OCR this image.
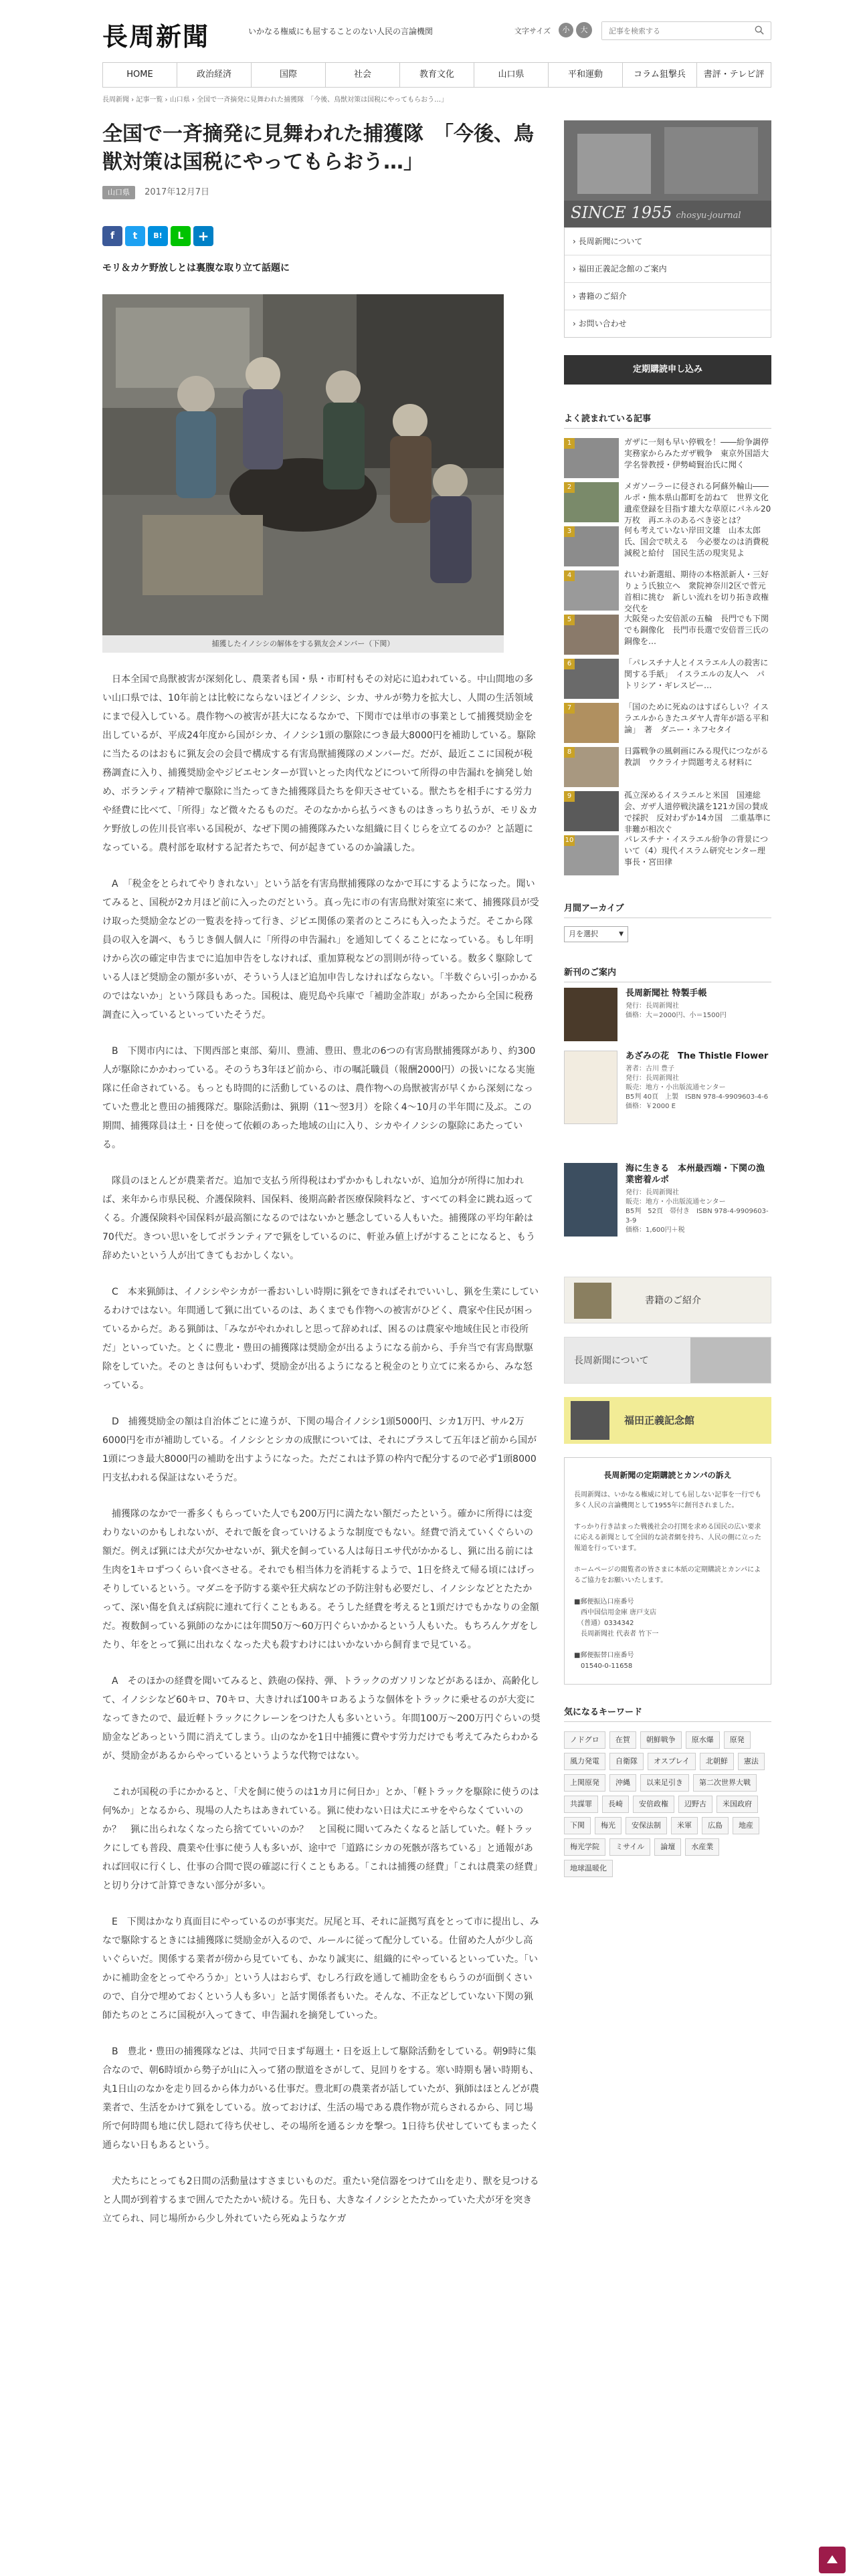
長周新聞	いかなる権威にも屈することのない人民の言論機関	文字サイズ	小	大
記事を検索する
HOME	政治経済	国際	社会	教育文化	山口県	平和運動	コラム狙撃兵	書評・テレビ評
長周新聞 › 記事一覧 › 山口県 › 全国で一斉摘発に見舞われた捕獲隊　「今後、鳥獣対策は国税にやってもらおう…」
全国で一斉摘発に見舞われた捕獲隊　「今後、鳥獣対策は国税にやってもらおう…」
山口県 2017年12月7日
f	t	B!	L	+
モリ＆カケ野放しとは裏腹な取り立て話題に
捕獲したイノシシの解体をする猟友会メンバー（下関）

日本全国で鳥獣被害が深刻化し、農業者も国・県・市町村もその対応に追われている。中山間地の多い山口県では、10年前とは比較にならないほどイノシシ、シカ、サルが勢力を拡大し、人間の生活領域にまで侵入している。農作物への被害が甚大になるなかで、下関市では単市の事業として捕獲奨励金を出しているが、平成24年度から国がシカ、イノシシ1頭の駆除につき最大8000円を補助している。駆除に当たるのはおもに猟友会の会員で構成する有害鳥獣捕獲隊のメンバーだ。だが、最近ここに国税が税務調査に入り、捕獲奨励金やジビエセンターが買いとった肉代などについて所得の申告漏れを摘発し始め、ボランティア精神で駆除に当たってきた捕獲隊員たちを仰天させている。獣たちを相手にする労力や経費に比べて、「所得」など微々たるものだ。そのなかから払うべきものはきっちり払うが、モリ＆カケ野放しの佐川長官率いる国税が、なぜ下関の捕獲隊みたいな組織に目くじらを立てるのか？と話題になっている。農村部を取材する記者たちで、何が起きているのか論議した。

A　「税金をとられてやりきれない」という話を有害鳥獣捕獲隊のなかで耳にするようになった。聞いてみると、国税が2カ月ほど前に入ったのだという。真っ先に市の有害鳥獣対策室に来て、捕獲隊員が受け取った奨励金などの一覧表を持って行き、ジビエ関係の業者のところにも入ったようだ。そこから隊員の収入を調べ、もうじき個人個人に「所得の申告漏れ」を通知してくることになっている。もし年明けから次の確定申告までに追加申告をしなければ、重加算税などの罰則が待っている。数多く駆除している人ほど奨励金の額が多いが、そういう人ほど追加申告しなければならない。「半数ぐらい引っかかるのではないか」という隊員もあった。国税は、鹿児島や兵庫で「補助金詐取」があったから全国に税務調査に入っているといっていたそうだ。

B　下関市内には、下関西部と東部、菊川、豊浦、豊田、豊北の6つの有害鳥獣捕獲隊があり、約300人が駆除にかかわっている。そのうち3年ほど前から、市の嘱託職員（報酬2000円）の扱いになる実施隊に任命されている。もっとも時間的に活動しているのは、農作物への鳥獣被害が早くから深刻になっていた豊北と豊田の捕獲隊だ。駆除活動は、猟期（11～翌3月）を除く4～10月の半年間に及ぶ。この期間、捕獲隊員は土・日を使って依頼のあった地域の山に入り、シカやイノシシの駆除にあたっている。

隊員のほとんどが農業者だ。追加で支払う所得税はわずかかもしれないが、追加分が所得に加われば、来年から市県民税、介護保険料、国保料、後期高齢者医療保険料など、すべての料金に跳ね返ってくる。介護保険料や国保料が最高額になるのではないかと懸念している人もいた。捕獲隊の平均年齢は70代だ。きつい思いをしてボランティアで猟をしているのに、軒並み値上げがすることになると、もう辞めたいという人が出てきてもおかしくない。

C　本来猟師は、イノシシやシカが一番おいしい時期に猟をできればそれでいいし、猟を生業にしているわけではない。年間通して猟に出ているのは、あくまでも作物への被害がひどく、農家や住民が困っているからだ。ある猟師は、「みながやれかれしと思って辞めれば、困るのは農家や地域住民と市役所だ」といっていた。とくに豊北・豊田の捕獲隊は奨励金が出るようになる前から、手弁当で有害鳥獣駆除をしていた。そのときは何もいわず、奨励金が出るようになると税金のとり立てに来るから、みな怒っている。

D　捕獲奨励金の額は自治体ごとに違うが、下関の場合イノシシ1頭5000円、シカ1万円、サル2万6000円を市が補助している。イノシシとシカの成獣については、それにプラスして五年ほど前から国が1頭につき最大8000円の補助を出すようになった。ただこれは予算の枠内で配分するので必ず1頭8000円支払われる保証はないそうだ。

捕獲隊のなかで一番多くもらっていた人でも200万円に満たない額だったという。確かに所得には変わりないのかもしれないが、それで飯を食っていけるような制度でもない。経費で消えていくぐらいの額だ。例えば猟には犬が欠かせないが、猟犬を飼っている人は毎日エサ代がかかるし、猟に出る前には生肉を1キロずつくらい食べさせる。それでも相当体力を消耗するようで、1日を終えて帰る頃にはげっそりしているという。マダニを予防する薬や狂犬病などの予防注射も必要だし、イノシシなどとたたかって、深い傷を負えば病院に連れて行くこともある。そうした経費を考えると1頭だけでもかなりの金額だ。複数飼っている猟師のなかには年間50万～60万円ぐらいかかるという人もいた。もちろんケガをしたり、年をとって猟に出れなくなった犬も殺すわけにはいかないから飼育まで見ている。

A　そのほかの経費を聞いてみると、鉄砲の保持、弾、トラックのガソリンなどがあるほか、高齢化して、イノシシなど60キロ、70キロ、大きければ100キロあるような個体をトラックに乗せるのが大変になってきたので、最近軽トラックにクレーンをつけた人も多いという。年間100万～200万円ぐらいの奨励金などあっという間に消えてしまう。山のなかを1日中捕獲に費やす労力だけでも考えてみたらわかるが、奨励金があるからやっているというような代物ではない。

これが国税の手にかかると、「犬を飼に使うのは1カ月に何日か」とか、「軽トラックを駆除に使うのは何%か」となるから、現場の人たちはあきれている。猟に使わない日は犬にエサをやらなくていいのか？　猟に出られなくなったら捨てていいのか？　と国税に聞いてみたくなると話していた。軽トラックにしても普段、農業や仕事に使う人も多いが、途中で「道路にシカの死骸が落ちている」と通報があれば回収に行くし、仕事の合間で罠の確認に行くこともある。「これは捕獲の経費」「これは農業の経費」と切り分けて計算できない部分が多い。

E　下関はかなり真面目にやっているのが事実だ。尻尾と耳、それに証拠写真をとって市に提出し、みなで駆除するときには捕獲隊に奨励金が入るので、ルールに従って配分している。仕留めた人が少し高いぐらいだ。関係する業者が傍から見ていても、かなり誠実に、組織的にやっているといっていた。「いかに補助金をとってやろうか」という人はおらず、むしろ行政を通して補助金をもらうのが面倒くさいので、自分で埋めておくという人も多い」と話す関係者もいた。そんな、不正などしていない下関の猟師たちのところに国税が入ってきて、申告漏れを摘発していった。

B　豊北・豊田の捕獲隊などは、共同で日まず毎週土・日を返上して駆除活動をしている。朝9時に集合なので、朝6時頃から勢子が山に入って猪の獣道をさがして、見回りをする。寒い時期も暑い時期も、丸1日山のなかを走り回るから体力がいる仕事だ。豊北町の農業者が話していたが、猟師はほとんどが農業者で、生活をかけて猟をしている。放っておけば、生活の場である農作物が荒らされるから、同じ場所で何時間も地に伏し隠れて待ち伏せし、その場所を通るシカを撃つ。1日待ち伏せしていてもまったく通らない日もあるという。

犬たちにとっても2日間の活動量はすさまじいものだ。重たい発信器をつけて山を走り、獣を見つけると人間が到着するまで囲んでたたかい続ける。先日も、大きなイノシシとたたかっていた犬が牙を突き立てられ、同じ場所から少し外れていたら死ぬようなケガ

SINCE 1955 chosyu-journal
› 長周新聞について
› 福田正義記念館のご案内
› 書籍のご紹介
› お問い合わせ
定期購読申し込み
よく読まれている記事
1	ガザに一刻も早い停戦を！――紛争調停実務家からみたガザ戦争　東京外国語大学名誉教授・伊勢崎賢治氏に聞く
2	メガソーラーに侵される阿蘇外輪山――ルポ・熊本県山都町を訪ねて　世界文化遺産登録を目指す雄大な草原にパネル20万枚　再エネのあるべき姿とは？
3	何も考えていない岸田文雄　山本太郎氏、国会で吠える　今必要なのは消費税減税と給付　国民生活の現実見よ
4	れいわ新選組、期待の本格派新人・三好りょう氏独立へ　衆院神奈川2区で菅元首相に挑む　新しい流れを切り拓き政権交代を
5	大阪発った安倍派の五輪　長門でも下関でも銅像化　長門市長選で安倍晋三氏の銅像を…
6	「パレスチナ人とイスラエル人の殺害に関する手紙」　イスラエルの友人へ　パトリシア・ギレスピー…
7	「国のために死ぬのはすばらしい？イスラエルからきたユダヤ人青年が語る平和論」　著　ダニー・ネフセタイ
8	日露戦争の風刺画にみる現代につながる教訓　ウクライナ問題考える材料に
9	孤立深めるイスラエルと米国　国連総会、ガザ人道停戦決議を121カ国の賛成で採択　反対わずか14カ国　二重基準に非難が相次ぐ
10	パレスチナ・イスラエル紛争の背景について（4）現代イスラム研究センター理事長・宮田律
月間アーカイブ
月を選択	▼
新刊のご案内
長周新聞社 特製手帳
発行：長周新聞社
価格：大＝2000円、小＝1500円
あざみの花　The Thistle Flower
著者：古川 豊子
発行：長周新聞社
販売：地方・小出版流通センター
B5判 40頁　上製　ISBN 978-4-9909603-4-6
価格：￥2000 E
海に生きる　本州最西端・下関の漁業密着ルポ
発行：長周新聞社
販売：地方・小出版流通センター
B5判　52頁　帯付き　ISBN 978-4-9909603-3-9
価格：1,600円＋税
書籍のご紹介
長周新聞について
福田正義記念館
長周新聞の定期購読とカンパの訴え
長周新聞は、いかなる権威に対しても屈しない記事を一行でも多く人民の言論機関として1955年に創刊されました。

すっかり行き詰まった戦後社会の打開を求める国民の広い要求に応える新聞として全国的な読者網を持ち、人民の側に立った報道を行っています。

ホームページの閲覧者の皆さまに本紙の定期購読とカンパによるご協力をお願いいたします。

■郵便振込口座番号
　西中国信用金庫 唐戸支店
　（普通）0334342
　長周新聞社 代表者 竹下一

■郵便振替口座番号
　01540-0-11658
気になるキーワード
ノドグロ	在賀	朝鮮戦争	原水爆	原発
風力発電	自衛隊	オスプレイ	北朝鮮	憲法
上関原発	沖縄	以来足引き	第二次世界大戦
共謀罪	長崎	安倍政権	辺野古	米国政府
下関	梅光	安保法制	米軍	広島	地産
梅光学院	ミサイル	論壇	水産業
地球温暖化
